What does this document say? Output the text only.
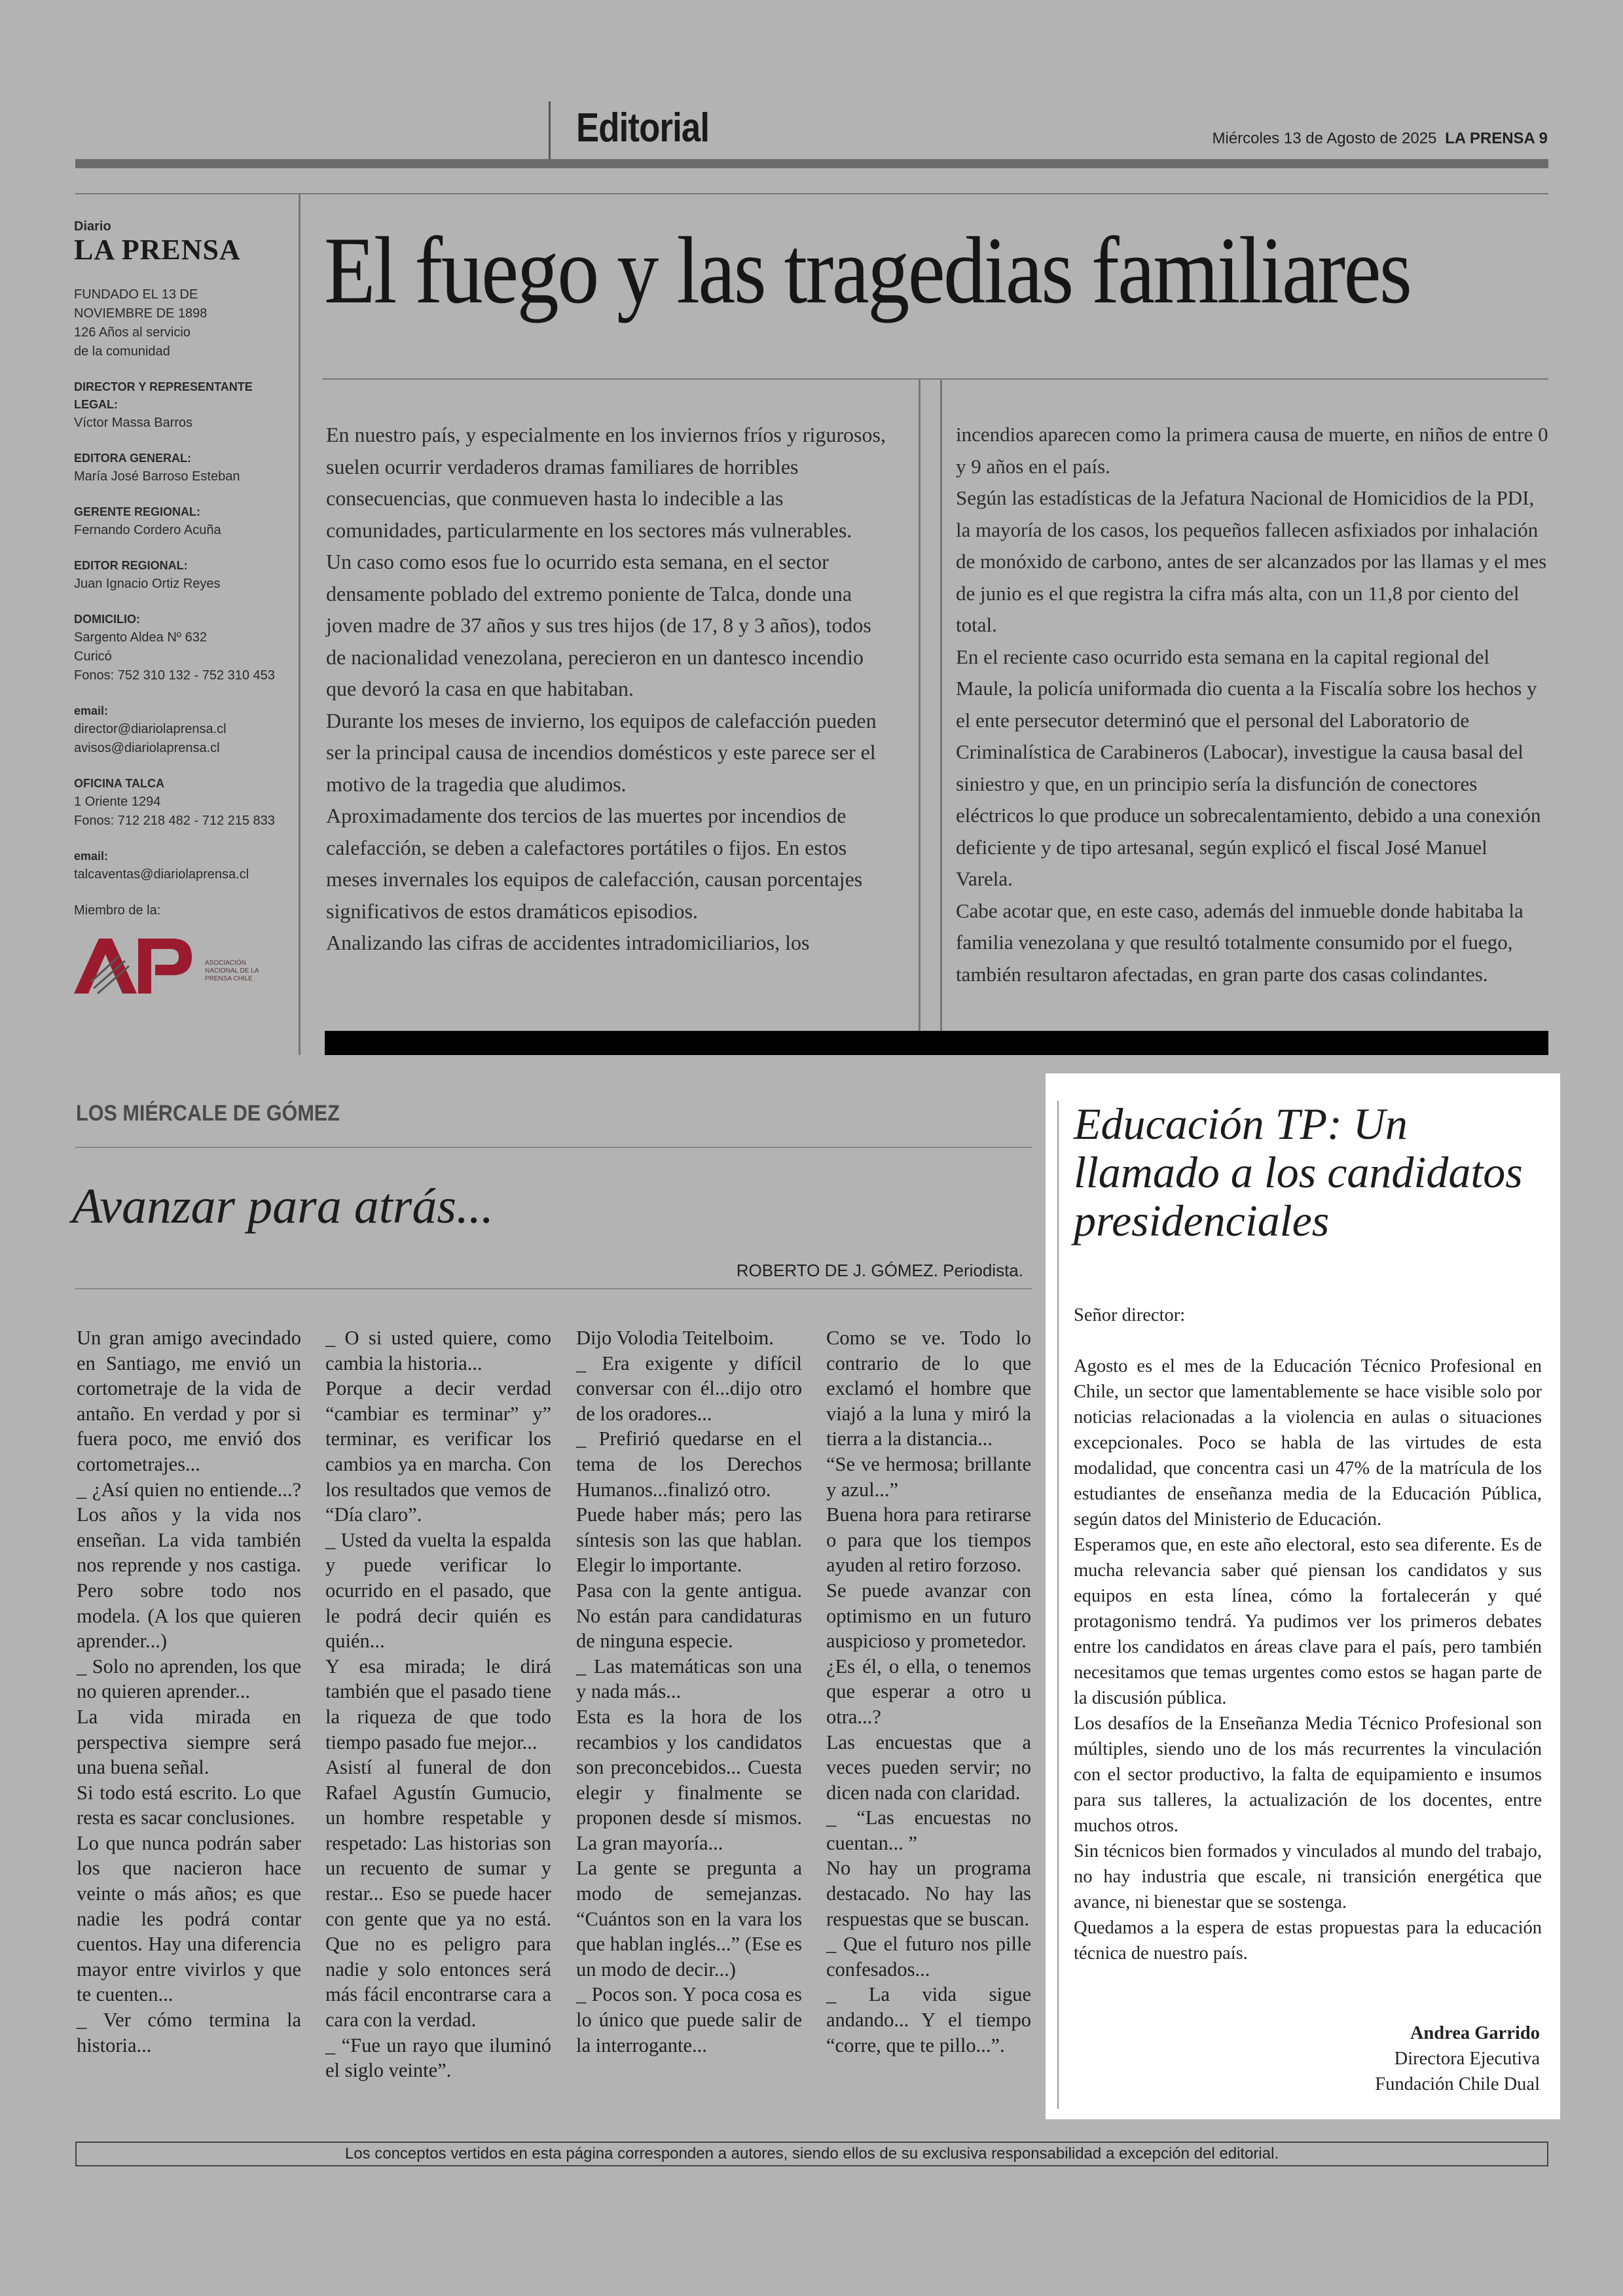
Editorial	Miércoles 13 de Agosto de 2025 LA PRENSA 9
Diario
LA PRENSA
FUNDADO EL 13 DE
NOVIEMBRE DE 1898
126 Años al servicio
de la comunidad
DIRECTOR Y REPRESENTANTE LEGAL:
Víctor Massa Barros
EDITORA GENERAL:
María José Barroso Esteban
GERENTE REGIONAL:
Fernando Cordero Acuña
EDITOR REGIONAL:
Juan Ignacio Ortiz Reyes
DOMICILIO:
Sargento Aldea Nº 632
Curicó
Fonos: 752 310 132 - 752 310 453
email:
director@diariolaprensa.cl
avisos@diariolaprensa.cl
OFICINA TALCA
1 Oriente 1294
Fonos: 712 218 482 - 712 215 833
email:
talcaventas@diariolaprensa.cl
Miembro de la:
ASOCIACIÓN NACIONAL DE LA PRENSA CHILE
El fuego y las tragedias familiares

En nuestro país, y especialmente en los inviernos fríos y rigurosos, suelen ocurrir verdaderos dramas familiares de horribles consecuencias, que conmueven hasta lo indecible a las comunidades, particularmente en los sectores más vulnerables.

Un caso como esos fue lo ocurrido esta semana, en el sector densamente poblado del extremo poniente de Talca, donde una joven madre de 37 años y sus tres hijos (de 17, 8 y 3 años), todos de nacionalidad venezolana, perecieron en un dantesco incendio que devoró la casa en que habitaban.

Durante los meses de invierno, los equipos de calefacción pueden ser la principal causa de incendios domésticos y este parece ser el motivo de la tragedia que aludimos.

Aproximadamente dos tercios de las muertes por incendios de calefacción, se deben a calefactores portátiles o fijos. En estos meses invernales los equipos de calefacción, causan porcentajes significativos de estos dramáticos episodios.

Analizando las cifras de accidentes intradomiciliarios, los

incendios aparecen como la primera causa de muerte, en niños de entre 0 y 9 años en el país.

Según las estadísticas de la Jefatura Nacional de Homicidios de la PDI, la mayoría de los casos, los pequeños fallecen asfixiados por inhalación de monóxido de carbono, antes de ser alcanzados por las llamas y el mes de junio es el que registra la cifra más alta, con un 11,8 por ciento del total.

En el reciente caso ocurrido esta semana en la capital regional del Maule, la policía uniformada dio cuenta a la Fiscalía sobre los hechos y el ente persecutor determinó que el personal del Laboratorio de Criminalística de Carabineros (Labocar), investigue la causa basal del siniestro y que, en un principio sería la disfunción de conectores eléctricos lo que produce un sobrecalentamiento, debido a una conexión deficiente y de tipo artesanal, según explicó el fiscal José Manuel Varela.

Cabe acotar que, en este caso, además del inmueble donde habitaba la familia venezolana y que resultó totalmente consumido por el fuego, también resultaron afectadas, en gran parte dos casas colindantes.

LOS MIÉRCALE DE GÓMEZ
Avanzar para atrás...
ROBERTO DE J. GÓMEZ. Periodista.

Un gran amigo avecindado en Santiago, me envió un cortometraje de la vida de antaño. En verdad y por si fuera poco, me envió dos cortometrajes...

_ ¿Así quien no entiende...? Los años y la vida nos enseñan. La vida también nos reprende y nos castiga. Pero sobre todo nos modela. (A los que quieren aprender...)

_ Solo no aprenden, los que no quieren aprender...

La vida mirada en perspectiva siempre será una buena señal.

Si todo está escrito. Lo que resta es sacar conclusiones.

Lo que nunca podrán saber los que nacieron hace veinte o más años; es que nadie les podrá contar cuentos. Hay una diferencia mayor entre vivirlos y que te cuenten...

_ Ver cómo termina la historia...

_ O si usted quiere, como cambia la historia...

Porque a decir verdad “cambiar es terminar” y” terminar, es verificar los cambios ya en marcha. Con los resultados que vemos de “Día claro”.

_ Usted da vuelta la espalda y puede verificar lo ocurrido en el pasado, que le podrá decir quién es quién...

Y esa mirada; le dirá también que el pasado tiene la riqueza de que todo tiempo pasado fue mejor...

Asistí al funeral de don Rafael Agustín Gumucio, un hombre respetable y respetado: Las historias son un recuento de sumar y restar... Eso se puede hacer con gente que ya no está. Que no es peligro para nadie y solo entonces será más fácil encontrarse cara a cara con la verdad.

_ “Fue un rayo que iluminó el siglo veinte”.

Dijo Volodia Teitelboim.

_ Era exigente y difícil conversar con él...dijo otro de los oradores...

_ Prefirió quedarse en el tema de los Derechos Humanos...finalizó otro.

Puede haber más; pero las síntesis son las que hablan. Elegir lo importante.

Pasa con la gente antigua. No están para candidaturas de ninguna especie.

_ Las matemáticas son una y nada más...

Esta es la hora de los recambios y los candidatos son preconcebidos... Cuesta elegir y finalmente se proponen desde sí mismos. La gran mayoría...

La gente se pregunta a modo de semejanzas. “Cuántos son en la vara los que hablan inglés...” (Ese es un modo de decir...)

_ Pocos son. Y poca cosa es lo único que puede salir de la interrogante...

Como se ve. Todo lo contrario de lo que exclamó el hombre que viajó a la luna y miró la tierra a la distancia...

“Se ve hermosa; brillante y azul...”

Buena hora para retirarse o para que los tiempos ayuden al retiro forzoso.

Se puede avanzar con optimismo en un futuro auspicioso y prometedor.

¿Es él, o ella, o tenemos que esperar a otro u otra...?

Las encuestas que a veces pueden servir; no dicen nada con claridad.

_ “Las encuestas no cuentan... ”

No hay un programa destacado. No hay las respuestas que se buscan.

_ Que el futuro nos pille confesados...

_ La vida sigue andando... Y el tiempo “corre, que te pillo...”.

Educación TP: Un llamado a los candidatos presidenciales

Señor director:

Agosto es el mes de la Educación Técnico Profesional en Chile, un sector que lamentablemente se hace visible solo por noticias relacionadas a la violencia en aulas o situaciones excepcionales. Poco se habla de las virtudes de esta modalidad, que concentra casi un 47% de la matrícula de los estudiantes de enseñanza media de la Educación Pública, según datos del Ministerio de Educación.

Esperamos que, en este año electoral, esto sea diferente. Es de mucha relevancia saber qué piensan los candidatos y sus equipos en esta línea, cómo la fortalecerán y qué protagonismo tendrá. Ya pudimos ver los primeros debates entre los candidatos en áreas clave para el país, pero también necesitamos que temas urgentes como estos se hagan parte de la discusión pública.

Los desafíos de la Enseñanza Media Técnico Profesional son múltiples, siendo uno de los más recurrentes la vinculación con el sector productivo, la falta de equipamiento e insumos para sus talleres, la actualización de los docentes, entre muchos otros.

Sin técnicos bien formados y vinculados al mundo del trabajo, no hay industria que escale, ni transición energética que avance, ni bienestar que se sostenga.

Quedamos a la espera de estas propuestas para la educación técnica de nuestro país.

Andrea Garrido
Directora Ejecutiva
Fundación Chile Dual
Los conceptos vertidos en esta página corresponden a autores, siendo ellos de su exclusiva responsabilidad a excepción del editorial.
